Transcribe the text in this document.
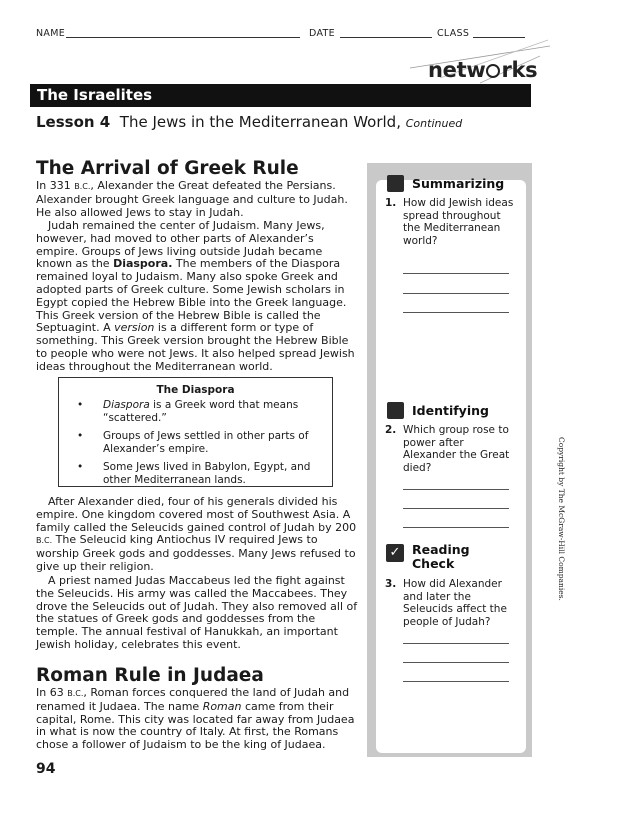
NAME	DATE	CLASS
netw rks
The Israelites
Lesson 4 The Jews in the Mediterranean World, Continued
The Arrival of Greek Rule

In 331 B.C., Alexander the Great defeated the Persians. Alexander brought Greek language and culture to Judah. He also allowed Jews to stay in Judah.

Judah remained the center of Judaism. Many Jews, however, had moved to other parts of Alexander’s empire. Groups of Jews living outside Judah became known as the Diaspora. The members of the Diaspora remained loyal to Judaism. Many also spoke Greek and adopted parts of Greek culture. Some Jewish scholars in Egypt copied the Hebrew Bible into the Greek language. This Greek version of the Hebrew Bible is called the Septuagint. A version is a different form or type of something. This Greek version brought the Hebrew Bible to people who were not Jews. It also helped spread Jewish ideas throughout the Mediterranean world.

The Diaspora
• Diaspora is a Greek word that means “scattered.”
• Groups of Jews settled in other parts of Alexander’s empire.
• Some Jews lived in Babylon, Egypt, and other Mediterranean lands.

After Alexander died, four of his generals divided his empire. One kingdom covered most of Southwest Asia. A family called the Seleucids gained control of Judah by 200 B.C. The Seleucid king Antiochus IV required Jews to worship Greek gods and goddesses. Many Jews refused to give up their religion.

A priest named Judas Maccabeus led the fight against the Seleucids. His army was called the Maccabees. They drove the Seleucids out of Judah. They also removed all of the statues of Greek gods and goddesses from the temple. The annual festival of Hanukkah, an important Jewish holiday, celebrates this event.

Roman Rule in Judaea

In 63 B.C., Roman forces conquered the land of Judah and renamed it Judaea. The name Roman came from their capital, Rome. This city was located far away from Judaea in what is now the country of Italy. At first, the Romans chose a follower of Judaism to be the king of Judaea.

Summarizing
1. How did Jewish ideas spread throughout the Mediterranean world?
Identifying
2. Which group rose to power after Alexander the Great died?
✓ Reading Check
3. How did Alexander and later the Seleucids affect the people of Judah?
Copyright by The McGraw-Hill Companies.
94
